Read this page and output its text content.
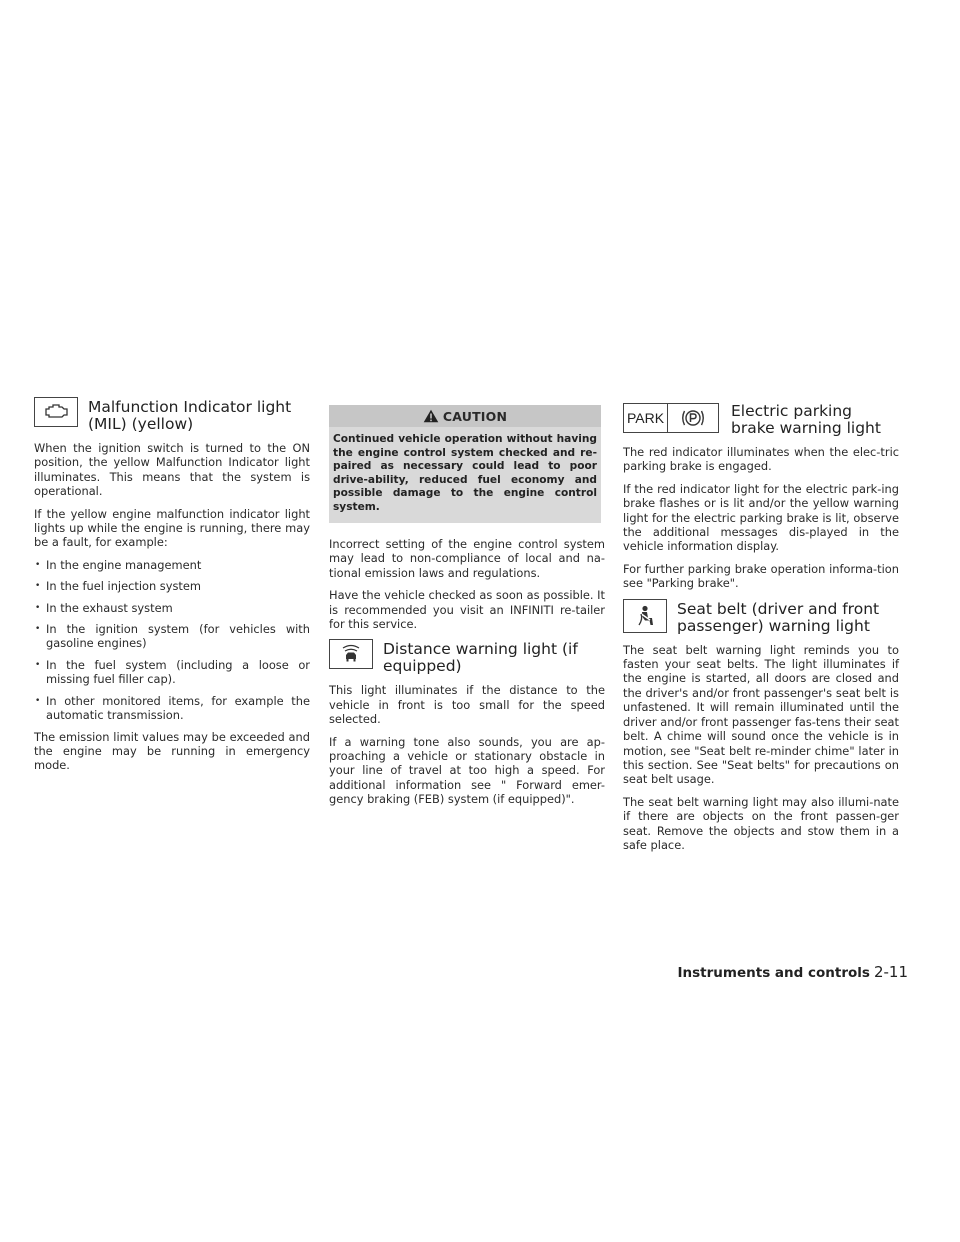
Malfunction Indicator light (MIL) (yellow)

When the ignition switch is turned to the ON position, the yellow Malfunction Indicator light illuminates. This means that the system is operational.

If the yellow engine malfunction indicator light lights up while the engine is running, there may be a fault, for example:

• In the engine management
• In the fuel injection system
• In the exhaust system
• In the ignition system (for vehicles with gasoline engines)
• In the fuel system (including a loose or missing fuel filler cap).
• In other monitored items, for example the automatic transmission.

The emission limit values may be exceeded and the engine may be running in emergency mode.

CAUTION
Continued vehicle operation without having the engine control system checked and re-paired as necessary could lead to poor drive-ability, reduced fuel economy and possible damage to the engine control system.

Incorrect setting of the engine control system may lead to non-compliance of local and na-tional emission laws and regulations.

Have the vehicle checked as soon as possible. It is recommended you visit an INFINITI re-tailer for this service.

Distance warning light (if equipped)

This light illuminates if the distance to the vehicle in front is too small for the speed selected.

If a warning tone also sounds, you are ap-proaching a vehicle or stationary obstacle in your line of travel at too high a speed. For additional information see " Forward emer-gency braking (FEB) system (if equipped)".

PARK	Electric parking brake warning light

The red indicator illuminates when the elec-tric parking brake is engaged.

If the red indicator light for the electric park-ing brake flashes or is lit and/or the yellow warning light for the electric parking brake is lit, observe the additional messages dis-played in the vehicle information display.

For further parking brake operation informa-tion see "Parking brake".

Seat belt (driver and front passenger) warning light

The seat belt warning light reminds you to fasten your seat belts. The light illuminates if the engine is started, all doors are closed and the driver's and/or front passenger's seat belt is unfastened. It will remain illuminated until the driver and/or front passenger fas-tens their seat belt. A chime will sound once the vehicle is in motion, see "Seat belt re-minder chime" later in this section. See "Seat belts" for precautions on seat belt usage.

The seat belt warning light may also illumi-nate if there are objects on the front passen-ger seat. Remove the objects and stow them in a safe place.

Instruments and controls 2-11
